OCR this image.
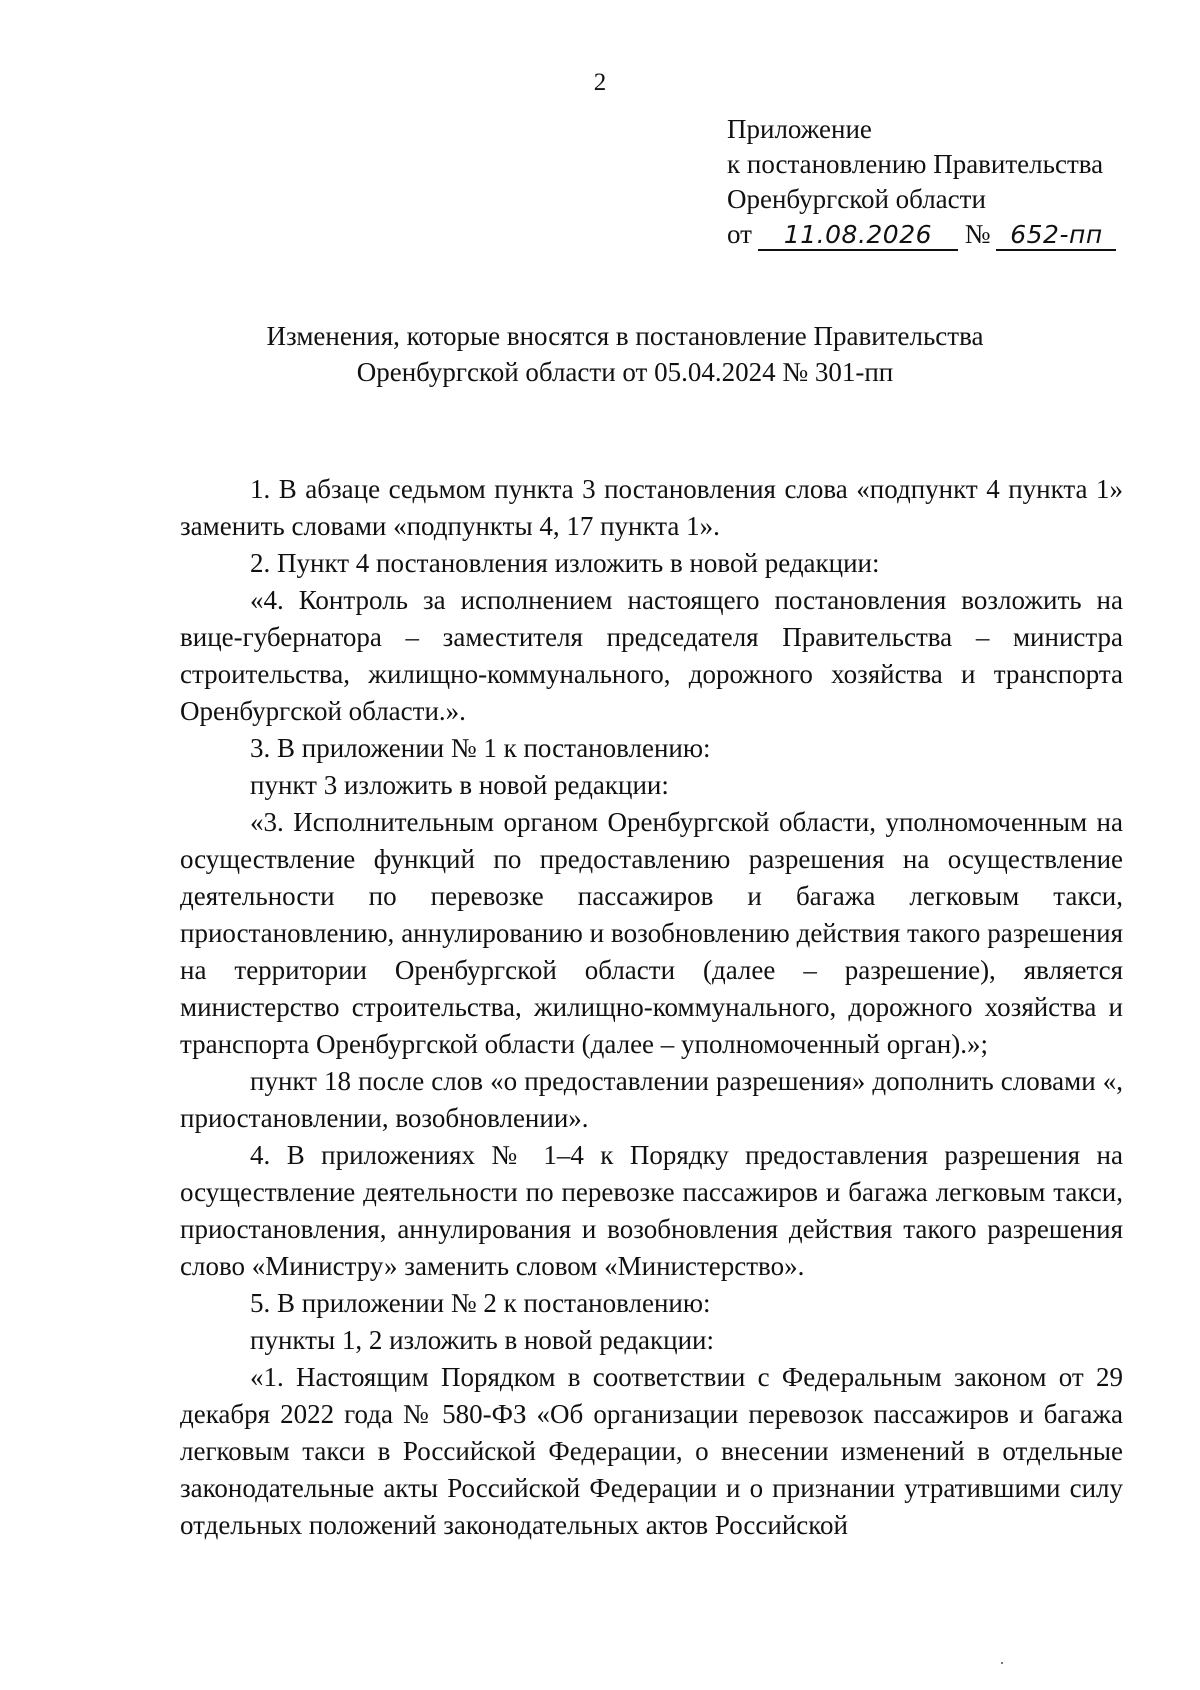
2
Приложение
к постановлению Правительства
Оренбургской области
от 11.08.2026 № 652-пп
Изменения, которые вносятся в постановление Правительства
Оренбургской области от 05.04.2024 № 301-пп

1. В абзаце седьмом пункта 3 постановления слова «подпункт 4 пункта 1» заменить словами «подпункты 4, 17 пункта 1».

2. Пункт 4 постановления изложить в новой редакции:

«4. Контроль за исполнением настоящего постановления возложить на вице-губернатора – заместителя председателя Правительства – министра строительства, жилищно-коммунального, дорожного хозяйства и транспорта Оренбургской области.».

3. В приложении № 1 к постановлению:

пункт 3 изложить в новой редакции:

«3. Исполнительным органом Оренбургской области, уполномоченным на осуществление функций по предоставлению разрешения на осуществление деятельности по перевозке пассажиров и багажа легковым такси, приостановлению, аннулированию и возобновлению действия такого разрешения на территории Оренбургской области (далее – разрешение), является министерство строительства, жилищно-коммунального, дорожного хозяйства и транспорта Оренбургской области (далее – уполномоченный орган).»;

пункт 18 после слов «о предоставлении разрешения» дополнить словами «, приостановлении, возобновлении».

4. В приложениях № 1–4 к Порядку предоставления разрешения на осуществление деятельности по перевозке пассажиров и багажа легковым такси, приостановления, аннулирования и возобновления действия такого разрешения слово «Министру» заменить словом «Министерство».

5. В приложении № 2 к постановлению:

пункты 1, 2 изложить в новой редакции:

«1. Настоящим Порядком в соответствии с Федеральным законом от 29 декабря 2022 года № 580-ФЗ «Об организации перевозок пассажиров и багажа легковым такси в Российской Федерации, о внесении изменений в отдельные законодательные акты Российской Федерации и о признании утратившими силу отдельных положений законодательных актов Российской
